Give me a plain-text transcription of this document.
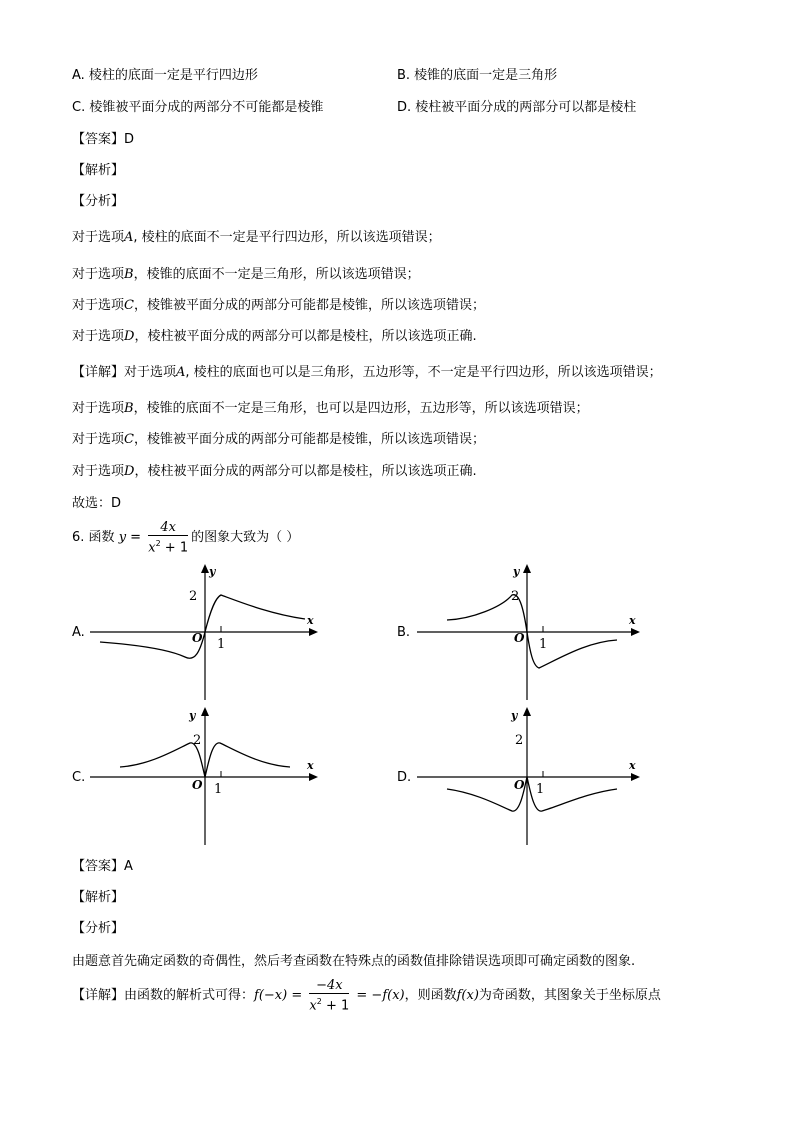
A. 棱柱的底面一定是平行四边形	B. 棱锥的底面一定是三角形
C. 棱锥被平面分成的两部分不可能都是棱锥	D. 棱柱被平面分成的两部分可以都是棱柱
【答案】D
【解析】
【分析】
对于选项A, 棱柱的底面不一定是平行四边形，所以该选项错误；
对于选项B，棱锥的底面不一定是三角形，所以该选项错误；
对于选项C，棱锥被平面分成的两部分可能都是棱锥，所以该选项错误；
对于选项D，棱柱被平面分成的两部分可以都是棱柱，所以该选项正确.
【详解】对于选项A, 棱柱的底面也可以是三角形，五边形等，不一定是平行四边形，所以该选项错误；
对于选项B，棱锥的底面不一定是三角形，也可以是四边形，五边形等，所以该选项错误；
对于选项C，棱锥被平面分成的两部分可能都是棱锥，所以该选项错误；
对于选项D，棱柱被平面分成的两部分可以都是棱柱，所以该选项正确.
故选：D
6. 函数 $y = \frac{4x}{x^2 + 1}$ 的图象大致为（ ）
A.
2
1
O
y
x
B.
2
1
O
y
x
C.
2
1
O
y
x
D.
2
1
O
y
x
【答案】A
【解析】
【分析】
由题意首先确定函数的奇偶性，然后考查函数在特殊点的函数值排除错误选项即可确定函数的图象.
【详解】由函数的解析式可得：$f(-x) = \frac{-4x}{x^2 + 1} = -f(x)$，则函数f(x)为奇函数，其图象关于坐标原点
